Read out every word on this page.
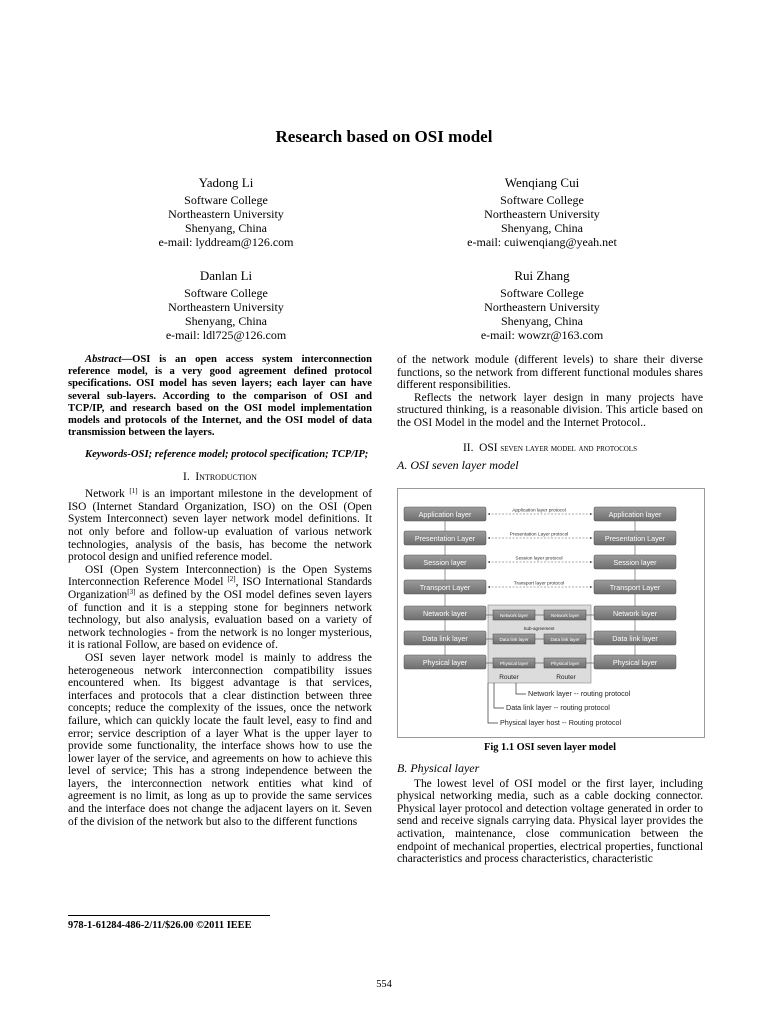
Research based on OSI model
Yadong Li
Software College
Northeastern University
Shenyang, China
e-mail: lyddream@126.com
Wenqiang Cui
Software College
Northeastern University
Shenyang, China
e-mail: cuiwenqiang@yeah.net
Danlan Li
Software College
Northeastern University
Shenyang, China
e-mail: ldl725@126.com
Rui Zhang
Software College
Northeastern University
Shenyang, China
e-mail: wowzr@163.com

Abstract—OSI is an open access system interconnection reference model, is a very good agreement defined protocol specifications. OSI model has seven layers; each layer can have several sub-layers. According to the comparison of OSI and TCP/IP, and research based on the OSI model implementation models and protocols of the Internet, and the OSI model of data transmission between the layers.

Keywords-OSI; reference model; protocol specification; TCP/IP;

I. Introduction

Network [1] is an important milestone in the development of ISO (Internet Standard Organization, ISO) on the OSI (Open System Interconnect) seven layer network model definitions. It not only before and follow-up evaluation of various network technologies, analysis of the basis, has become the network protocol design and unified reference model.

OSI (Open System Interconnection) is the Open Systems Interconnection Reference Model [2], ISO International Standards Organization[3] as defined by the OSI model defines seven layers of function and it is a stepping stone for beginners network technology, but also analysis, evaluation based on a variety of network technologies - from the network is no longer mysterious, it is rational Follow, are based on evidence of.

OSI seven layer network model is mainly to address the heterogeneous network interconnection compatibility issues encountered when. Its biggest advantage is that services, interfaces and protocols that a clear distinction between three concepts; reduce the complexity of the issues, once the network failure, which can quickly locate the fault level, easy to find and error; service description of a layer What is the upper layer to provide some functionality, the interface shows how to use the lower layer of the service, and agreements on how to achieve this level of service; This has a strong independence between the layers, the interconnection network entities what kind of agreement is no limit, as long as up to provide the same services and the interface does not change the adjacent layers on it. Seven of the division of the network but also to the different functions

of the network module (different levels) to share their diverse functions, so the network from different functional modules shares different responsibilities.

Reflects the network layer design in many projects have structured thinking, is a reasonable division. This article based on the OSI Model in the model and the Internet Protocol..

II. OSI seven layer model and protocols

A. OSI seven layer model

Application layer
Presentation Layer
Session layer
Transport Layer
Network layer
Data link layer
Physical layer
Application layer
Presentation Layer
Session layer
Transport Layer
Network layer
Data link layer
Physical layer
Application layer protocol
Presentation Layer protocol
Session layer protocol
Transport layer protocol
Network layer	Network layer
Data link layer	Data link layer
Physical layer	Physical layer
Sub-agreement
Router	Router
Network layer -- routing protocol
Data link layer -- routing protocol
Physical layer host -- Routing protocol
Fig 1.1 OSI seven layer model

B. Physical layer

The lowest level of OSI model or the first layer, including physical networking media, such as a cable docking connector. Physical layer protocol and detection voltage generated in order to send and receive signals carrying data. Physical layer provides the activation, maintenance, close communication between the endpoint of mechanical properties, electrical properties, functional characteristics and process characteristics, characteristic

978-1-61284-486-2/11/$26.00 ©2011 IEEE
554
